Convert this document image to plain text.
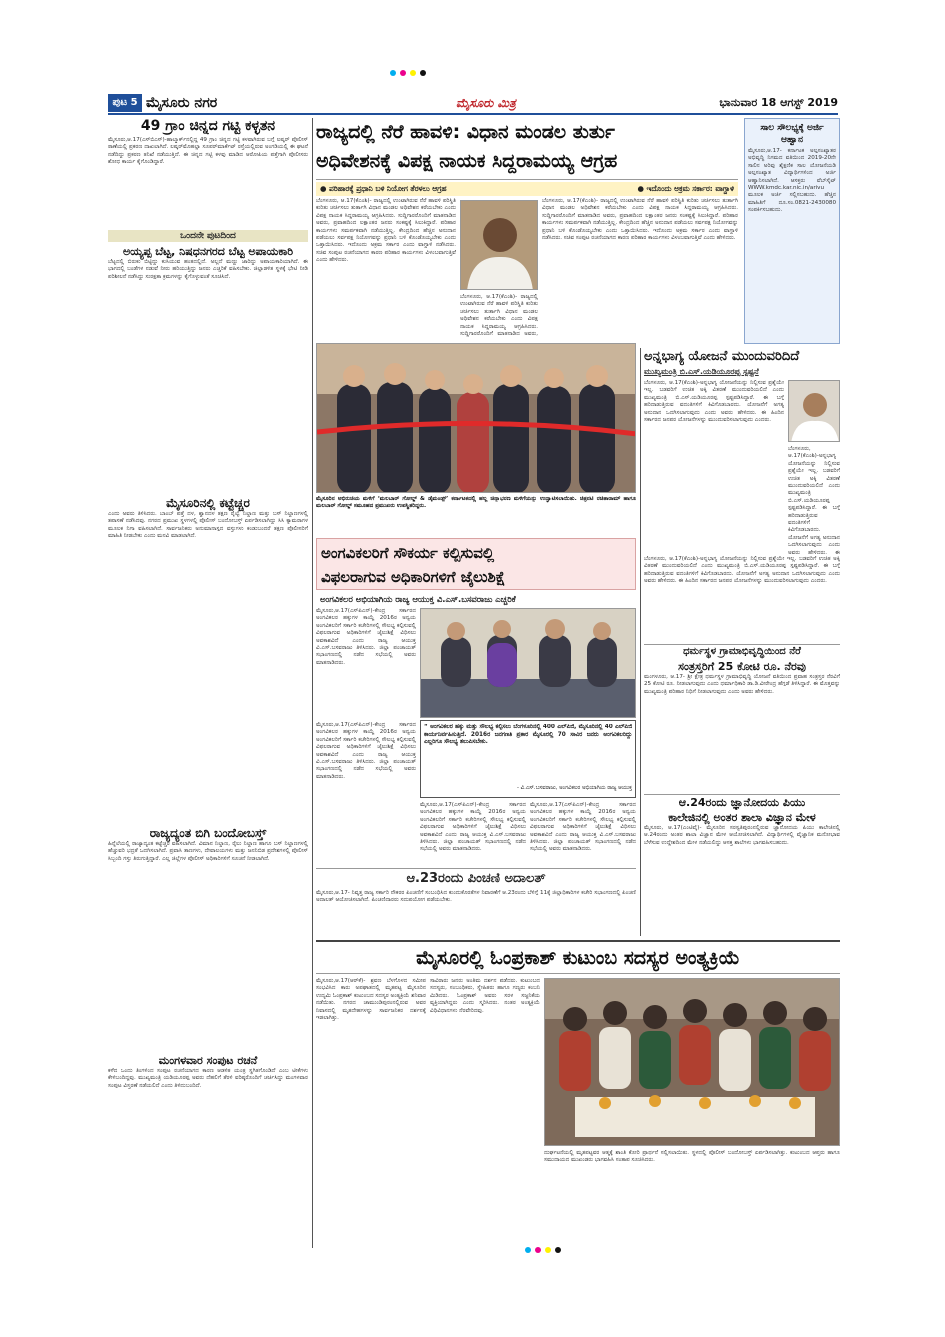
ಪುಟ 5 ಮೈಸೂರು ನಗರ	ಮೈಸೂರು ಮಿತ್ರ	ಭಾನುವಾರ 18 ಆಗಸ್ಟ್ 2019
49 ಗ್ರಾಂ ಚಿನ್ನದ ಗಟ್ಟಿ ಕಳ್ಳತನ
ಮೈಸೂರು,ಆ.17(ಎಸ್‌ಬಿಎಸ್)-ಹಾಲ್ಮಾರ್ಕ್‌ನಲ್ಲಿದ್ದ 49 ಗ್ರಾಂ ಚಿನ್ನದ ಗಟ್ಟಿ ಕಳವಾಗಿರುವ ಬಗ್ಗೆ ಲಷ್ಕರ್ ಪೊಲೀಸ್ ಠಾಣೆಯಲ್ಲಿ ಪ್ರಕರಣ ದಾಖಲಾಗಿದೆ. ಲಷ್ಕರ್‌ಮೊಹಲ್ಲಾ ಸೂಪರ್‌ಮಾರ್ಕೆಟ್ ರಸ್ತೆಯಲ್ಲಿರುವ ಅಂಗಡಿಯಲ್ಲಿ ಈ ಘಟನೆ ನಡೆದಿದ್ದು ಪ್ರಕರಣ ತನಿಖೆ ನಡೆಯುತ್ತಿದೆ. ಈ ಚಿನ್ನದ ಗಟ್ಟಿ ಕಳವು ಮಾಡಿದ ಆರೋಪಿಯ ಪತ್ತೆಗಾಗಿ ಪೊಲೀಸರು ಶೋಧ ಕಾರ್ಯ ಕೈಗೊಂಡಿದ್ದಾರೆ.
ಒಂದನೇ ಪುಟದಿಂದ
ಅಯ್ಯಪ್ಪ ಬೆಟ್ಟ, ನಿಷಧನಗರದ ಬೆಟ್ಟ ಅಪಾಯಕಾರಿ
ಬೆಟ್ಟದಲ್ಲಿ ಬಿರುಕು ಬಿಟ್ಟಿದ್ದು ಕುಸಿಯುವ ಹಂತದಲ್ಲಿದೆ. ಅಲ್ಲದೆ ಮಣ್ಣು ಜಾರಿದ್ದು ಅಪಾಯಕಾರಿಯಾಗಿದೆ. ಈ ಭಾಗದಲ್ಲಿ ಬಂಡೆಗಳ ನಡುವೆ ನೀರು ಹರಿಯುತ್ತಿದ್ದು ಜನರು ಎಚ್ಚರಿಕೆ ವಹಿಸಬೇಕು. ಜಿಲ್ಲಾಡಳಿತ ಸ್ಥಳಕ್ಕೆ ಭೇಟಿ ನೀಡಿ ಪರಿಶೀಲನೆ ನಡೆಸಿದ್ದು ಸುರಕ್ಷತಾ ಕ್ರಮಗಳನ್ನು ಕೈಗೊಳ್ಳುವಂತೆ ಸೂಚಿಸಿದೆ.
ಮೈಸೂರಿನಲ್ಲಿ ಕಟ್ಟೆಚ್ಚರ
ಎಂದು ಅವರು ತಿಳಿಸಿದರು. ಬಾಂಬ್ ಪತ್ತೆ ದಳ, ಶ್ವಾನದಳ ತಕ್ಷಣ ರೈಲ್ವೆ ನಿಲ್ದಾಣ ಮತ್ತು ಬಸ್ ನಿಲ್ದಾಣಗಳಲ್ಲಿ ತಪಾಸಣೆ ನಡೆಸಿದವು. ನಗರದ ಪ್ರಮುಖ ಸ್ಥಳಗಳಲ್ಲಿ ಪೊಲೀಸ್ ಬಂದೋಬಸ್ತ್ ಏರ್ಪಡಿಸಲಾಗಿದ್ದು ಸಿಸಿ ಕ್ಯಾಮರಾಗಳ ಮೂಲಕ ನಿಗಾ ವಹಿಸಲಾಗಿದೆ. ಸಾರ್ವಜನಿಕರು ಅನುಮಾನಾಸ್ಪದ ವಸ್ತುಗಳು ಕಂಡುಬಂದರೆ ತಕ್ಷಣ ಪೊಲೀಸರಿಗೆ ಮಾಹಿತಿ ನೀಡಬೇಕು ಎಂದು ಮನವಿ ಮಾಡಲಾಗಿದೆ.
ರಾಜ್ಯದ್ಯಂತ ಬಿಗಿ ಬಂದೋಬಸ್ತ್
ಹಿನ್ನೆಲೆಯಲ್ಲಿ ರಾಜ್ಯಾದ್ಯಂತ ಕಟ್ಟೆಚ್ಚರ ವಹಿಸಲಾಗಿದೆ. ವಿಮಾನ ನಿಲ್ದಾಣ, ರೈಲು ನಿಲ್ದಾಣ ಹಾಗೂ ಬಸ್ ನಿಲ್ದಾಣಗಳಲ್ಲಿ ಹೆಚ್ಚುವರಿ ಭದ್ರತೆ ಒದಗಿಸಲಾಗಿದೆ. ಪ್ರವಾಸಿ ತಾಣಗಳು, ದೇವಾಲಯಗಳು ಮತ್ತು ಜನನಿಬಿಡ ಪ್ರದೇಶಗಳಲ್ಲಿ ಪೊಲೀಸ್ ಸಿಬ್ಬಂದಿ ಗಸ್ತು ತಿರುಗುತ್ತಿದ್ದಾರೆ. ಎಲ್ಲ ಜಿಲ್ಲೆಗಳ ಪೊಲೀಸ್ ಅಧಿಕಾರಿಗಳಿಗೆ ಸೂಚನೆ ನೀಡಲಾಗಿದೆ.
ಮಂಗಳವಾರ ಸಂಪುಟ ರಚನೆ
ಕಳೆದ ಒಂದು ತಿಂಗಳಿಂದ ಸಂಪುಟ ರಚನೆಯಾಗದ ಕಾರಣ ಆಡಳಿತ ಯಂತ್ರ ಸ್ಥಗಿತಗೊಂಡಿದೆ ಎಂಬ ಟೀಕೆಗಳು ಕೇಳಿಬಂದಿದ್ದವು. ಮುಖ್ಯಮಂತ್ರಿ ಯಡಿಯೂರಪ್ಪ ಅವರು ದೆಹಲಿಗೆ ತೆರಳಿ ವರಿಷ್ಠರೊಂದಿಗೆ ಚರ್ಚಿಸಿದ್ದು ಮಂಗಳವಾರ ಸಂಪುಟ ವಿಸ್ತರಣೆ ನಡೆಯಲಿದೆ ಎಂದು ತಿಳಿದುಬಂದಿದೆ.
ರಾಜ್ಯದಲ್ಲಿ ನೆರೆ ಹಾವಳಿ: ವಿಧಾನ ಮಂಡಲ ತುರ್ತು
ಅಧಿವೇಶನಕ್ಕೆ ವಿಪಕ್ಷ ನಾಯಕ ಸಿದ್ದರಾಮಯ್ಯ ಆಗ್ರಹ
● ಪರಿಹಾರಕ್ಕೆ ಪ್ರಧಾನಿ ಬಳಿ ನಿಯೋಗ ತೆರಳಲು ಆಗ್ರಹ	● ಇದೊಂದು ಅಕ್ರಮ ಸರ್ಕಾರ: ವಾಗ್ದಾಳಿ
ಬೆಂಗಳೂರು, ಆ.17(ಕೆಎಂಶಿ)- ರಾಜ್ಯದಲ್ಲಿ ಉಂಟಾಗಿರುವ ನೆರೆ ಹಾವಳಿ ಪರಿಸ್ಥಿತಿ ಕುರಿತು ಚರ್ಚಿಸಲು ತುರ್ತಾಗಿ ವಿಧಾನ ಮಂಡಲ ಅಧಿವೇಶನ ಕರೆಯಬೇಕು ಎಂದು ವಿಪಕ್ಷ ನಾಯಕ ಸಿದ್ದರಾಮಯ್ಯ ಆಗ್ರಹಿಸಿದರು. ಸುದ್ದಿಗಾರರೊಂದಿಗೆ ಮಾತನಾಡಿದ ಅವರು, ಪ್ರವಾಹದಿಂದ ಲಕ್ಷಾಂತರ ಜನರು ಸಂಕಷ್ಟಕ್ಕೆ ಸಿಲುಕಿದ್ದಾರೆ. ಪರಿಹಾರ ಕಾರ್ಯಗಳು ಸಮರ್ಪಕವಾಗಿ ನಡೆಯುತ್ತಿಲ್ಲ. ಕೇಂದ್ರದಿಂದ ಹೆಚ್ಚಿನ ಅನುದಾನ ಪಡೆಯಲು ಸರ್ವಪಕ್ಷ ನಿಯೋಗವನ್ನು ಪ್ರಧಾನಿ ಬಳಿ ಕೊಂಡೊಯ್ಯಬೇಕು ಎಂದು ಒತ್ತಾಯಿಸಿದರು. ಇದೊಂದು ಅಕ್ರಮ ಸರ್ಕಾರ ಎಂದು ವಾಗ್ದಾಳಿ ನಡೆಸಿದರು. ಸಚಿವ ಸಂಪುಟ ರಚನೆಯಾಗದ ಕಾರಣ ಪರಿಹಾರ ಕಾರ್ಯಗಳು ವಿಳಂಬವಾಗುತ್ತಿವೆ ಎಂದು ಹೇಳಿದರು.
ಬೆಂಗಳೂರು, ಆ.17(ಕೆಎಂಶಿ)- ರಾಜ್ಯದಲ್ಲಿ ಉಂಟಾಗಿರುವ ನೆರೆ ಹಾವಳಿ ಪರಿಸ್ಥಿತಿ ಕುರಿತು ಚರ್ಚಿಸಲು ತುರ್ತಾಗಿ ವಿಧಾನ ಮಂಡಲ ಅಧಿವೇಶನ ಕರೆಯಬೇಕು ಎಂದು ವಿಪಕ್ಷ ನಾಯಕ ಸಿದ್ದರಾಮಯ್ಯ ಆಗ್ರಹಿಸಿದರು. ಸುದ್ದಿಗಾರರೊಂದಿಗೆ ಮಾತನಾಡಿದ ಅವರು,
ಬೆಂಗಳೂರು, ಆ.17(ಕೆಎಂಶಿ)- ರಾಜ್ಯದಲ್ಲಿ ಉಂಟಾಗಿರುವ ನೆರೆ ಹಾವಳಿ ಪರಿಸ್ಥಿತಿ ಕುರಿತು ಚರ್ಚಿಸಲು ತುರ್ತಾಗಿ ವಿಧಾನ ಮಂಡಲ ಅಧಿವೇಶನ ಕರೆಯಬೇಕು ಎಂದು ವಿಪಕ್ಷ ನಾಯಕ ಸಿದ್ದರಾಮಯ್ಯ ಆಗ್ರಹಿಸಿದರು. ಸುದ್ದಿಗಾರರೊಂದಿಗೆ ಮಾತನಾಡಿದ ಅವರು, ಪ್ರವಾಹದಿಂದ ಲಕ್ಷಾಂತರ ಜನರು ಸಂಕಷ್ಟಕ್ಕೆ ಸಿಲುಕಿದ್ದಾರೆ. ಪರಿಹಾರ ಕಾರ್ಯಗಳು ಸಮರ್ಪಕವಾಗಿ ನಡೆಯುತ್ತಿಲ್ಲ. ಕೇಂದ್ರದಿಂದ ಹೆಚ್ಚಿನ ಅನುದಾನ ಪಡೆಯಲು ಸರ್ವಪಕ್ಷ ನಿಯೋಗವನ್ನು ಪ್ರಧಾನಿ ಬಳಿ ಕೊಂಡೊಯ್ಯಬೇಕು ಎಂದು ಒತ್ತಾಯಿಸಿದರು. ಇದೊಂದು ಅಕ್ರಮ ಸರ್ಕಾರ ಎಂದು ವಾಗ್ದಾಳಿ ನಡೆಸಿದರು. ಸಚಿವ ಸಂಪುಟ ರಚನೆಯಾಗದ ಕಾರಣ ಪರಿಹಾರ ಕಾರ್ಯಗಳು ವಿಳಂಬವಾಗುತ್ತಿವೆ ಎಂದು ಹೇಳಿದರು.
ಸಾಲ ಸೌಲಭ್ಯಕ್ಕೆ ಅರ್ಜಿ ಆಹ್ವಾನ
ಮೈಸೂರು,ಆ.17- ಕರ್ನಾಟಕ ಅಲ್ಪಸಂಖ್ಯಾತರ ಅಭಿವೃದ್ಧಿ ನಿಗಮದ ವತಿಯಿಂದ 2019-20ನೇ ಸಾಲಿನ ಅರಿವು ಶೈಕ್ಷಣಿಕ ಸಾಲ ಯೋಜನೆಯಡಿ ಅಲ್ಪಸಂಖ್ಯಾತ ವಿದ್ಯಾರ್ಥಿಗಳಿಂದ ಅರ್ಜಿ ಆಹ್ವಾನಿಸಲಾಗಿದೆ. ಆಸಕ್ತರು ವೆಬ್‌ಸೈಟ್ WWW.kmdc.kar.nic.in/arivu ಮೂಲಕ ಅರ್ಜಿ ಸಲ್ಲಿಸಬಹುದು. ಹೆಚ್ಚಿನ ಮಾಹಿತಿಗೆ ದೂ.ಸಂ.0821-2430080 ಸಂಪರ್ಕಿಸಬಹುದು.
ಮೈಸೂರಿನ ಅಭಿರುಚಿಯ ಮಳಿಗೆ ‘ಮಲಬಾರ್ ಗೋಲ್ಡ್ & ಡೈಮಂಡ್ಸ್’ ಕರ್ನಾಟಕದಲ್ಲಿ ಹಲ್ಲ ಚಿನ್ನಾಭರಣ ಮಳಿಗೆಯನ್ನು ಉದ್ಘಾಟಿಸಲಾಯಿತು. ಚಿತ್ರನಟಿ ರಚಿತಾರಾಮ್ ಹಾಗೂ ಮಲಬಾರ್ ಗೋಲ್ಡ್ ಸಮೂಹದ ಪ್ರಮುಖರು ಉಪಸ್ಥಿತರಿದ್ದರು.
ಅಂಗವಿಕಲರಿಗೆ ಸೌಕರ್ಯ ಕಲ್ಪಿಸುವಲ್ಲಿ
ವಿಫಲರಾಗುವ ಅಧಿಕಾರಿಗಳಿಗೆ ಜೈಲುಶಿಕ್ಷೆ
ಅಂಗವಿಕಲರ ಅಭಿಯಾಗಿಯ ರಾಜ್ಯ ಆಯುಕ್ತ ವಿ.ಎಸ್.ಬಸವರಾಜು ಎಚ್ಚರಿಕೆ
ಮೈಸೂರು,ಆ.17(ಎಸ್‌ಪಿಎನ್)-ಕೇಂದ್ರ ಸರ್ಕಾರದ ಅಂಗವಿಕಲರ ಹಕ್ಕುಗಳ ಕಾಯ್ದೆ 2016ರ ಅನ್ವಯ ಅಂಗವಿಕಲರಿಗೆ ಸರ್ಕಾರಿ ಕಚೇರಿಗಳಲ್ಲಿ ಸೌಲಭ್ಯ ಕಲ್ಪಿಸುವಲ್ಲಿ ವಿಫಲರಾಗುವ ಅಧಿಕಾರಿಗಳಿಗೆ ಜೈಲುಶಿಕ್ಷೆ ವಿಧಿಸಲು ಅವಕಾಶವಿದೆ ಎಂದು ರಾಜ್ಯ ಆಯುಕ್ತ ವಿ.ಎಸ್.ಬಸವರಾಜು ತಿಳಿಸಿದರು. ಜಿಲ್ಲಾ ಪಂಚಾಯತ್ ಸಭಾಂಗಣದಲ್ಲಿ ನಡೆದ ಸಭೆಯಲ್ಲಿ ಅವರು ಮಾತನಾಡಿದರು.
“ ಅಂಗವಿಕಲರ ಹಕ್ಕು ಮತ್ತು ಸೌಲಭ್ಯ ಕಲ್ಪಿಸಲು ಬೆಂಗಳೂರಿನಲ್ಲಿ 400 ಎಲ್‌ಪಿಜಿ, ಮೈಸೂರಿನಲ್ಲಿ 40 ಎಲ್‌ಪಿಜಿ ಕಾರ್ಯನಿರ್ವಹಿಸುತ್ತಿದೆ. 2016ರ ಜನಗಣತಿ ಪ್ರಕಾರ ಮೈಸೂರಲ್ಲಿ 70 ಸಾವಿರ ಜನರು ಅಂಗವಿಕಲರಿದ್ದು ಎಲ್ಲರಿಗೂ ಸೌಲಭ್ಯ ತಲುಪಿಸಬೇಕು.
- ವಿ.ಎಸ್.ಬಸವರಾಜು, ಅಂಗವಿಕಲರ ಅಭಿಯಾಗಿಯ ರಾಜ್ಯ ಆಯುಕ್ತ
ಮೈಸೂರು,ಆ.17(ಎಸ್‌ಪಿಎನ್)-ಕೇಂದ್ರ ಸರ್ಕಾರದ ಅಂಗವಿಕಲರ ಹಕ್ಕುಗಳ ಕಾಯ್ದೆ 2016ರ ಅನ್ವಯ ಅಂಗವಿಕಲರಿಗೆ ಸರ್ಕಾರಿ ಕಚೇರಿಗಳಲ್ಲಿ ಸೌಲಭ್ಯ ಕಲ್ಪಿಸುವಲ್ಲಿ ವಿಫಲರಾಗುವ ಅಧಿಕಾರಿಗಳಿಗೆ ಜೈಲುಶಿಕ್ಷೆ ವಿಧಿಸಲು ಅವಕಾಶವಿದೆ ಎಂದು ರಾಜ್ಯ ಆಯುಕ್ತ ವಿ.ಎಸ್.ಬಸವರಾಜು ತಿಳಿಸಿದರು. ಜಿಲ್ಲಾ ಪಂಚಾಯತ್ ಸಭಾಂಗಣದಲ್ಲಿ ನಡೆದ ಸಭೆಯಲ್ಲಿ ಅವರು ಮಾತನಾಡಿದರು.
ಮೈಸೂರು,ಆ.17(ಎಸ್‌ಪಿಎನ್)-ಕೇಂದ್ರ ಸರ್ಕಾರದ ಅಂಗವಿಕಲರ ಹಕ್ಕುಗಳ ಕಾಯ್ದೆ 2016ರ ಅನ್ವಯ ಅಂಗವಿಕಲರಿಗೆ ಸರ್ಕಾರಿ ಕಚೇರಿಗಳಲ್ಲಿ ಸೌಲಭ್ಯ ಕಲ್ಪಿಸುವಲ್ಲಿ ವಿಫಲರಾಗುವ ಅಧಿಕಾರಿಗಳಿಗೆ ಜೈಲುಶಿಕ್ಷೆ ವಿಧಿಸಲು ಅವಕಾಶವಿದೆ ಎಂದು ರಾಜ್ಯ ಆಯುಕ್ತ ವಿ.ಎಸ್.ಬಸವರಾಜು ತಿಳಿಸಿದರು. ಜಿಲ್ಲಾ ಪಂಚಾಯತ್ ಸಭಾಂಗಣದಲ್ಲಿ ನಡೆದ ಸಭೆಯಲ್ಲಿ ಅವರು ಮಾತನಾಡಿದರು.
ಮೈಸೂರು,ಆ.17(ಎಸ್‌ಪಿಎನ್)-ಕೇಂದ್ರ ಸರ್ಕಾರದ ಅಂಗವಿಕಲರ ಹಕ್ಕುಗಳ ಕಾಯ್ದೆ 2016ರ ಅನ್ವಯ ಅಂಗವಿಕಲರಿಗೆ ಸರ್ಕಾರಿ ಕಚೇರಿಗಳಲ್ಲಿ ಸೌಲಭ್ಯ ಕಲ್ಪಿಸುವಲ್ಲಿ ವಿಫಲರಾಗುವ ಅಧಿಕಾರಿಗಳಿಗೆ ಜೈಲುಶಿಕ್ಷೆ ವಿಧಿಸಲು ಅವಕಾಶವಿದೆ ಎಂದು ರಾಜ್ಯ ಆಯುಕ್ತ ವಿ.ಎಸ್.ಬಸವರಾಜು ತಿಳಿಸಿದರು. ಜಿಲ್ಲಾ ಪಂಚಾಯತ್ ಸಭಾಂಗಣದಲ್ಲಿ ನಡೆದ ಸಭೆಯಲ್ಲಿ ಅವರು ಮಾತನಾಡಿದರು.
ಆ.23ರಂದು ಪಿಂಚಣಿ ಅದಾಲತ್
ಮೈಸೂರು,ಆ.17- ನಿವೃತ್ತ ರಾಜ್ಯ ಸರ್ಕಾರಿ ನೌಕರರ ಪಿಂಚಣಿಗೆ ಸಂಬಂಧಿಸಿದ ಕುಂದುಕೊರತೆಗಳ ನಿವಾರಣೆಗೆ ಆ.23ರಂದು ಬೆಳಿಗ್ಗೆ 11ಕ್ಕೆ ಜಿಲ್ಲಾಧಿಕಾರಿಗಳ ಕಚೇರಿ ಸಭಾಂಗಣದಲ್ಲಿ ಪಿಂಚಣಿ ಅದಾಲತ್ ಆಯೋಜಿಸಲಾಗಿದೆ. ಪಿಂಚಣಿದಾರರು ಸದುಪಯೋಗ ಪಡೆಯಬೇಕು.
ಅನ್ನಭಾಗ್ಯ ಯೋಜನೆ ಮುಂದುವರಿದಿದೆ
ಮುಖ್ಯಮಂತ್ರಿ ಬಿ.ಎಸ್.ಯಡಿಯೂರಪ್ಪ ಸ್ಪಷ್ಟನೆ
ಬೆಂಗಳೂರು, ಆ.17(ಕೆಎಂಶಿ)-ಅನ್ನಭಾಗ್ಯ ಯೋಜನೆಯನ್ನು ನಿಲ್ಲಿಸುವ ಪ್ರಶ್ನೆಯೇ ಇಲ್ಲ. ಬಡವರಿಗೆ ಉಚಿತ ಅಕ್ಕಿ ವಿತರಣೆ ಮುಂದುವರಿಯಲಿದೆ ಎಂದು ಮುಖ್ಯಮಂತ್ರಿ ಬಿ.ಎಸ್.ಯಡಿಯೂರಪ್ಪ ಸ್ಪಷ್ಟಪಡಿಸಿದ್ದಾರೆ. ಈ ಬಗ್ಗೆ ಹರಿದಾಡುತ್ತಿರುವ ವದಂತಿಗಳಿಗೆ ಕಿವಿಗೊಡಬಾರದು. ಯೋಜನೆಗೆ ಅಗತ್ಯ ಅನುದಾನ ಒದಗಿಸಲಾಗುವುದು ಎಂದು ಅವರು ಹೇಳಿದರು. ಈ ಹಿಂದಿನ ಸರ್ಕಾರದ ಜನಪರ ಯೋಜನೆಗಳನ್ನು ಮುಂದುವರಿಸಲಾಗುವುದು ಎಂದರು.
ಬೆಂಗಳೂರು, ಆ.17(ಕೆಎಂಶಿ)-ಅನ್ನಭಾಗ್ಯ ಯೋಜನೆಯನ್ನು ನಿಲ್ಲಿಸುವ ಪ್ರಶ್ನೆಯೇ ಇಲ್ಲ. ಬಡವರಿಗೆ ಉಚಿತ ಅಕ್ಕಿ ವಿತರಣೆ ಮುಂದುವರಿಯಲಿದೆ ಎಂದು ಮುಖ್ಯಮಂತ್ರಿ ಬಿ.ಎಸ್.ಯಡಿಯೂರಪ್ಪ ಸ್ಪಷ್ಟಪಡಿಸಿದ್ದಾರೆ. ಈ ಬಗ್ಗೆ ಹರಿದಾಡುತ್ತಿರುವ ವದಂತಿಗಳಿಗೆ ಕಿವಿಗೊಡಬಾರದು. ಯೋಜನೆಗೆ ಅಗತ್ಯ ಅನುದಾನ ಒದಗಿಸಲಾಗುವುದು ಎಂದು ಅವರು ಹೇಳಿದರು. ಈ
ಬೆಂಗಳೂರು, ಆ.17(ಕೆಎಂಶಿ)-ಅನ್ನಭಾಗ್ಯ ಯೋಜನೆಯನ್ನು ನಿಲ್ಲಿಸುವ ಪ್ರಶ್ನೆಯೇ ಇಲ್ಲ. ಬಡವರಿಗೆ ಉಚಿತ ಅಕ್ಕಿ ವಿತರಣೆ ಮುಂದುವರಿಯಲಿದೆ ಎಂದು ಮುಖ್ಯಮಂತ್ರಿ ಬಿ.ಎಸ್.ಯಡಿಯೂರಪ್ಪ ಸ್ಪಷ್ಟಪಡಿಸಿದ್ದಾರೆ. ಈ ಬಗ್ಗೆ ಹರಿದಾಡುತ್ತಿರುವ ವದಂತಿಗಳಿಗೆ ಕಿವಿಗೊಡಬಾರದು. ಯೋಜನೆಗೆ ಅಗತ್ಯ ಅನುದಾನ ಒದಗಿಸಲಾಗುವುದು ಎಂದು ಅವರು ಹೇಳಿದರು. ಈ ಹಿಂದಿನ ಸರ್ಕಾರದ ಜನಪರ ಯೋಜನೆಗಳನ್ನು ಮುಂದುವರಿಸಲಾಗುವುದು ಎಂದರು.
ಧರ್ಮಸ್ಥಳ ಗ್ರಾಮಾಭಿವೃದ್ಧಿಯಿಂದ ನೆರೆ
ಸಂತ್ರಸ್ತರಿಗೆ 25 ಕೋಟಿ ರೂ. ನೆರವು
ಮಂಗಳೂರು, ಆ.17- ಶ್ರೀ ಕ್ಷೇತ್ರ ಧರ್ಮಸ್ಥಳ ಗ್ರಾಮಾಭಿವೃದ್ಧಿ ಯೋಜನೆ ವತಿಯಿಂದ ಪ್ರವಾಹ ಸಂತ್ರಸ್ತರ ನೆರವಿಗೆ 25 ಕೋಟಿ ರೂ. ನೀಡಲಾಗುವುದು ಎಂದು ಧರ್ಮಾಧಿಕಾರಿ ಡಾ.ಡಿ.ವೀರೇಂದ್ರ ಹೆಗ್ಗಡೆ ತಿಳಿಸಿದ್ದಾರೆ. ಈ ಮೊತ್ತವನ್ನು ಮುಖ್ಯಮಂತ್ರಿ ಪರಿಹಾರ ನಿಧಿಗೆ ನೀಡಲಾಗುವುದು ಎಂದು ಅವರು ಹೇಳಿದರು.
ಆ.24ರಂದು ಜ್ಞಾನೋದಯ ಪಿಯು
ಕಾಲೇಜಿನಲ್ಲಿ ಅಂತರ ಶಾಲಾ ವಿಜ್ಞಾನ ಮೇಳ
ಮೈಸೂರು, ಆ.17(ಎಂಟಿವೈ)- ಮೈಸೂರಿನ ಸರಸ್ವತಿಪುರಂನಲ್ಲಿರುವ ಜ್ಞಾನೋದಯ ಪಿಯು ಕಾಲೇಜಿನಲ್ಲಿ ಆ.24ರಂದು ಅಂತರ ಶಾಲಾ ವಿಜ್ಞಾನ ಮೇಳ ಆಯೋಜಿಸಲಾಗಿದೆ. ವಿದ್ಯಾರ್ಥಿಗಳಲ್ಲಿ ವೈಜ್ಞಾನಿಕ ಮನೋಭಾವ ಬೆಳೆಸುವ ಉದ್ದೇಶದಿಂದ ಮೇಳ ನಡೆಯಲಿದ್ದು ಆಸಕ್ತ ಶಾಲೆಗಳು ಭಾಗವಹಿಸಬಹುದು.
ಮೈಸೂರಲ್ಲಿ ಓಂಪ್ರಕಾಶ್ ಕುಟುಂಬ ಸದಸ್ಯರ ಅಂತ್ಯಕ್ರಿಯೆ
ಮೈಸೂರು,ಆ.17(ಆರ್‌ಕೆ)- ಶ್ರವಣ ಬೆಳಗೊಳದ ಸಮೀಪ ಸಂಭವಿಸಿದ ಕಾರು ಅಪಘಾತದಲ್ಲಿ ಮೃತಪಟ್ಟ ಮೈಸೂರಿನ ಉದ್ಯಮಿ ಓಂಪ್ರಕಾಶ್ ಕುಟುಂಬದ ಸದಸ್ಯರ ಅಂತ್ಯಕ್ರಿಯೆ ಶನಿವಾರ ನಡೆಯಿತು. ನಗರದ ಚಾಮುಂಡಿಪುರಂನಲ್ಲಿರುವ ಅವರ ನಿವಾಸದಲ್ಲಿ ಮೃತದೇಹಗಳನ್ನು ಸಾರ್ವಜನಿಕರ ದರ್ಶನಕ್ಕೆ ಇಡಲಾಗಿತ್ತು.
ಸಾವಿರಾರು ಜನರು ಅಂತಿಮ ದರ್ಶನ ಪಡೆದರು. ಕುಟುಂಬದ ಸದಸ್ಯರು, ಸಂಬಂಧಿಕರು, ಸ್ನೇಹಿತರು ಹಾಗೂ ಗಣ್ಯರು ಕಂಬನಿ ಮಿಡಿದರು. ಓಂಪ್ರಕಾಶ್ ಅವರು ಸರಳ ಸಜ್ಜನಿಕೆಯ ವ್ಯಕ್ತಿಯಾಗಿದ್ದರು ಎಂದು ಸ್ಮರಿಸಿದರು. ನಂತರ ಅಂತ್ಯಕ್ರಿಯೆ ವಿಧಿವಿಧಾನಗಳು ನೆರವೇರಿದವು.
ದುರ್ಘಟನೆಯಲ್ಲಿ ಮೃತಪಟ್ಟವರ ಆತ್ಮಕ್ಕೆ ಶಾಂತಿ ಕೋರಿ ಪ್ರಾರ್ಥನೆ ಸಲ್ಲಿಸಲಾಯಿತು. ಸ್ಥಳದಲ್ಲಿ ಪೊಲೀಸ್ ಬಂದೋಬಸ್ತ್ ಏರ್ಪಡಿಸಲಾಗಿತ್ತು. ಕುಟುಂಬದ ಆಪ್ತರು ಹಾಗೂ ಸಮುದಾಯದ ಮುಖಂಡರು ಭಾಗವಹಿಸಿ ಸಂತಾಪ ಸೂಚಿಸಿದರು.
